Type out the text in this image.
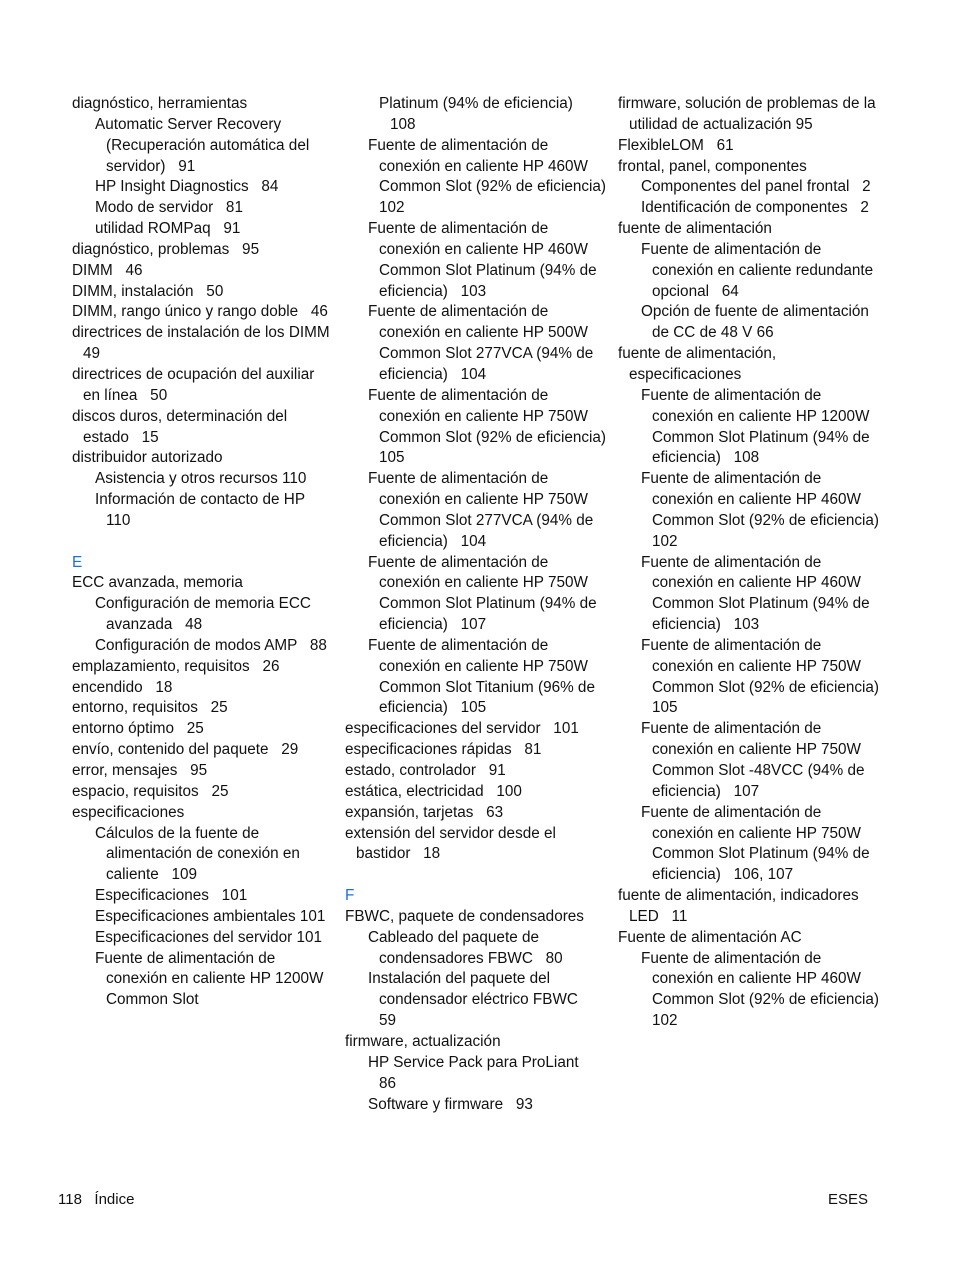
diagnóstico, herramientas
Automatic Server Recovery (Recuperación automática del servidor)   91
HP Insight Diagnostics   84
Modo de servidor   81
utilidad ROMPaq   91
diagnóstico, problemas   95
DIMM   46
DIMM, instalación   50
DIMM, rango único y rango doble   46
directrices de instalación de los DIMM   49
directrices de ocupación del auxiliar en línea   50
discos duros, determinación del estado   15
distribuidor autorizado
Asistencia y otros recursos 110
Información de contacto de HP   110
E
ECC avanzada, memoria
Configuración de memoria ECC avanzada   48
Configuración de modos AMP   88
emplazamiento, requisitos   26
encendido   18
entorno, requisitos   25
entorno óptimo   25
envío, contenido del paquete   29
error, mensajes   95
espacio, requisitos   25
especificaciones
Cálculos de la fuente de alimentación de conexión en caliente   109
Especificaciones   101
Especificaciones ambientales 101
Especificaciones del servidor 101
Fuente de alimentación de conexión en caliente HP 1200W Common Slot
Platinum (94% de eficiencia)   108
Fuente de alimentación de conexión en caliente HP 460W Common Slot (92% de eficiencia)   102
Fuente de alimentación de conexión en caliente HP 460W Common Slot Platinum (94% de eficiencia)   103
Fuente de alimentación de conexión en caliente HP 500W Common Slot 277VCA (94% de eficiencia)   104
Fuente de alimentación de conexión en caliente HP 750W Common Slot (92% de eficiencia)   105
Fuente de alimentación de conexión en caliente HP 750W Common Slot 277VCA (94% de eficiencia)   104
Fuente de alimentación de conexión en caliente HP 750W Common Slot Platinum (94% de eficiencia)   107
Fuente de alimentación de conexión en caliente HP 750W Common Slot Titanium (96% de eficiencia)   105
especificaciones del servidor   101
especificaciones rápidas   81
estado, controlador   91
estática, electricidad   100
expansión, tarjetas   63
extensión del servidor desde el bastidor   18
F
FBWC, paquete de condensadores
Cableado del paquete de condensadores FBWC   80
Instalación del paquete del condensador eléctrico FBWC   59
firmware, actualización
HP Service Pack para ProLiant   86
Software y firmware   93
firmware, solución de problemas de la utilidad de actualización 95
FlexibleLOM   61
frontal, panel, componentes
Componentes del panel frontal   2
Identificación de componentes   2
fuente de alimentación
Fuente de alimentación de conexión en caliente redundante opcional   64
Opción de fuente de alimentación de CC de 48 V 66
fuente de alimentación, especificaciones
Fuente de alimentación de conexión en caliente HP 1200W Common Slot Platinum (94% de eficiencia)   108
Fuente de alimentación de conexión en caliente HP 460W Common Slot (92% de eficiencia)   102
Fuente de alimentación de conexión en caliente HP 460W Common Slot Platinum (94% de eficiencia)   103
Fuente de alimentación de conexión en caliente HP 750W Common Slot (92% de eficiencia)   105
Fuente de alimentación de conexión en caliente HP 750W Common Slot -48VCC (94% de eficiencia)   107
Fuente de alimentación de conexión en caliente HP 750W Common Slot Platinum (94% de eficiencia)   106, 107
fuente de alimentación, indicadores LED   11
Fuente de alimentación AC
Fuente de alimentación de conexión en caliente HP 460W Common Slot (92% de eficiencia)   102
118   Índice	ESES
